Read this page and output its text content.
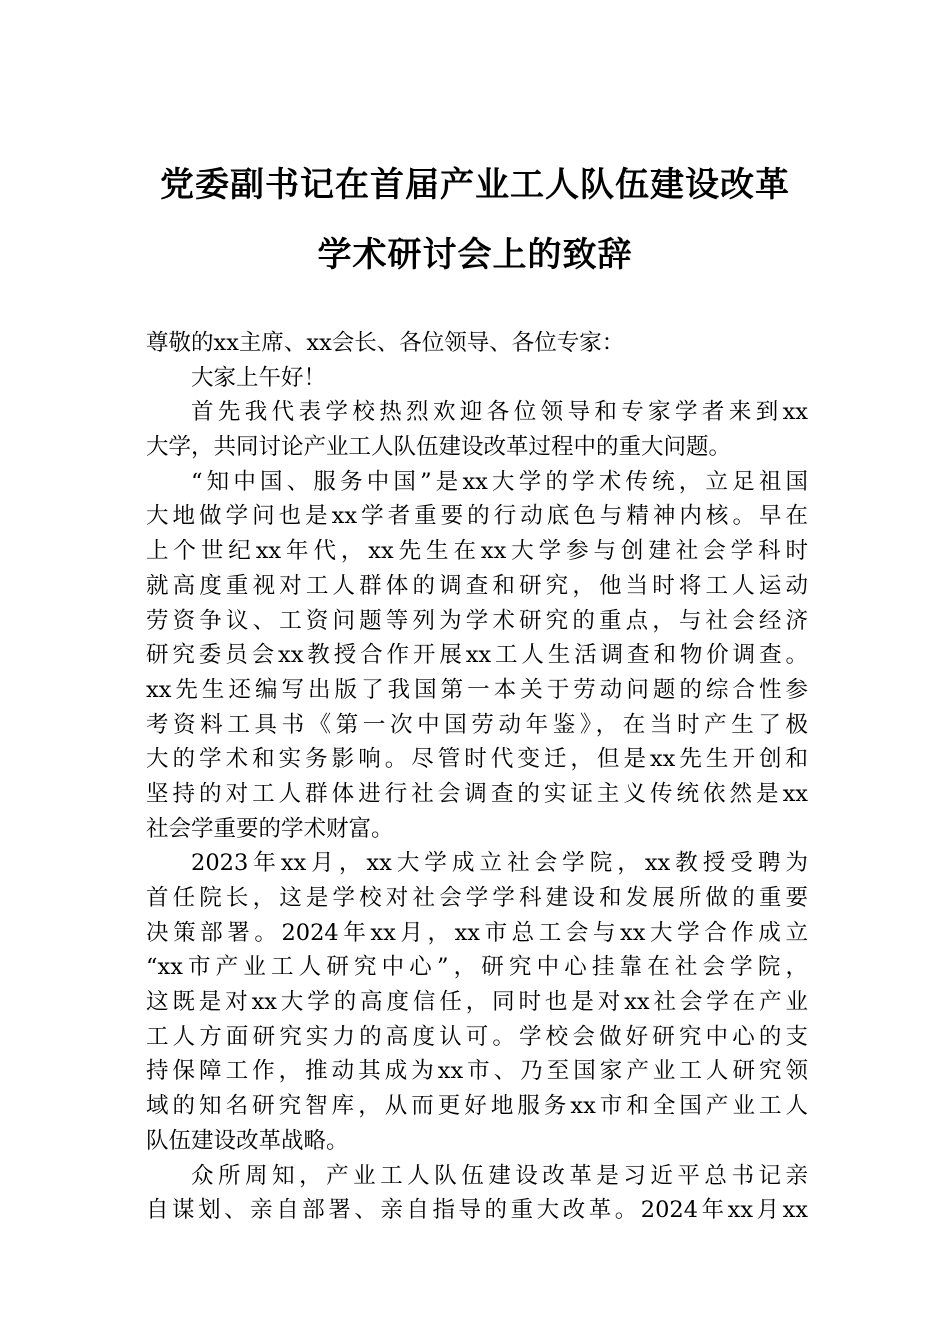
党委副书记在首届产业工人队伍建设改革
学术研讨会上的致辞
尊敬的xx主席、xx会长、各位领导、各位专家：
大家上午好！
首先我代表学校热烈欢迎各位领导和专家学者来到xx
大学，共同讨论产业工人队伍建设改革过程中的重大问题。
“知中国、服务中国”是xx大学的学术传统，立足祖国
大地做学问也是xx学者重要的行动底色与精神内核。早在
上个世纪xx年代，xx先生在xx大学参与创建社会学科时
就高度重视对工人群体的调查和研究，他当时将工人运动
劳资争议、工资问题等列为学术研究的重点，与社会经济
研究委员会xx教授合作开展xx工人生活调查和物价调查。
xx先生还编写出版了我国第一本关于劳动问题的综合性参
考资料工具书《第一次中国劳动年鉴》，在当时产生了极
大的学术和实务影响。尽管时代变迁，但是xx先生开创和
坚持的对工人群体进行社会调查的实证主义传统依然是xx
社会学重要的学术财富。
2023年xx月，xx大学成立社会学院，xx教授受聘为
首任院长，这是学校对社会学学科建设和发展所做的重要
决策部署。2024年xx月，xx市总工会与xx大学合作成立
“xx市产业工人研究中心”，研究中心挂靠在社会学院，
这既是对xx大学的高度信任，同时也是对xx社会学在产业
工人方面研究实力的高度认可。学校会做好研究中心的支
持保障工作，推动其成为xx市、乃至国家产业工人研究领
域的知名研究智库，从而更好地服务xx市和全国产业工人
队伍建设改革战略。
众所周知，产业工人队伍建设改革是习近平总书记亲
自谋划、亲自部署、亲自指导的重大改革。2024年xx月xx
